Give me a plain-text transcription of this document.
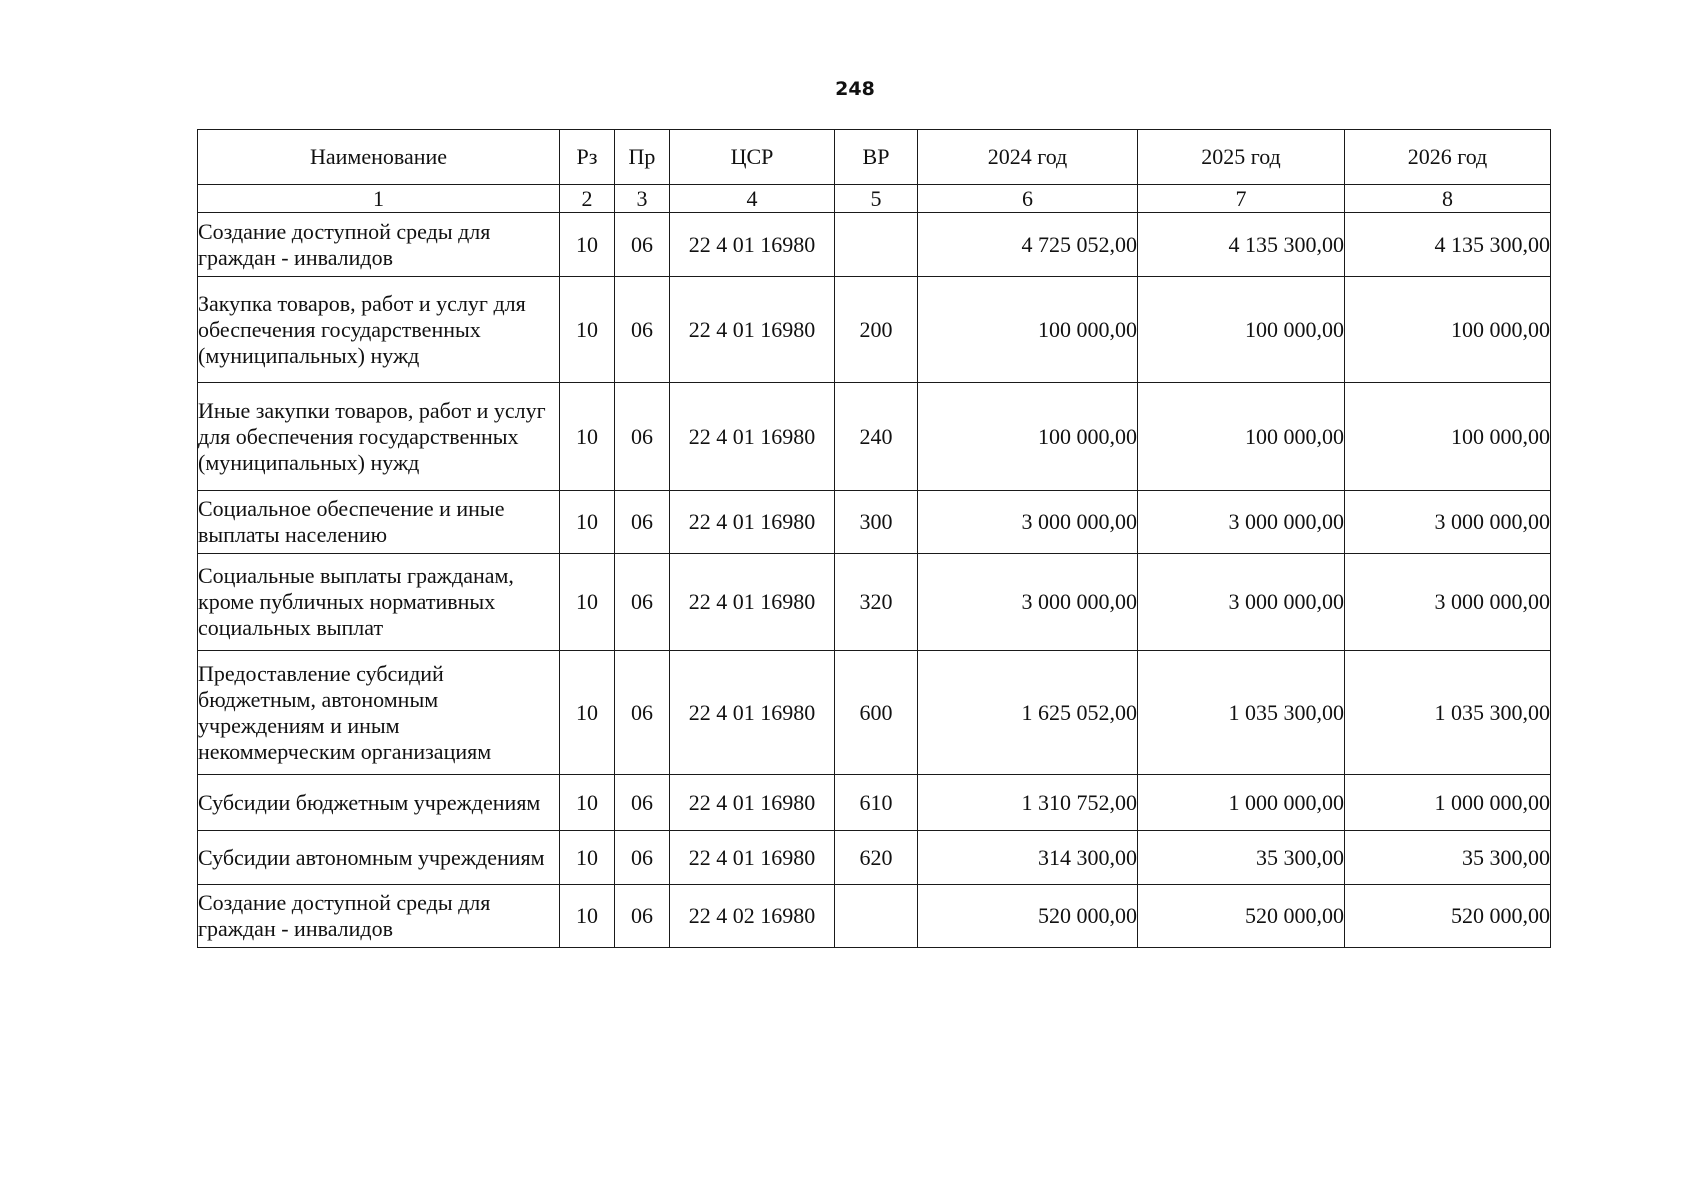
248
Наименование	Рз	Пр	ЦСР	ВР	2024 год	2025 год	2026 год
1	2	3	4	5	6	7	8
Создание доступной среды для граждан - инвалидов	10	06	22 4 01 16980		4 725 052,00	4 135 300,00	4 135 300,00
Закупка товаров, работ и услуг для обеспечения государственных (муниципальных) нужд	10	06	22 4 01 16980	200	100 000,00	100 000,00	100 000,00
Иные закупки товаров, работ и услуг для обеспечения государственных (муниципальных) нужд	10	06	22 4 01 16980	240	100 000,00	100 000,00	100 000,00
Социальное обеспечение и иные выплаты населению	10	06	22 4 01 16980	300	3 000 000,00	3 000 000,00	3 000 000,00
Социальные выплаты гражданам, кроме публичных нормативных социальных выплат	10	06	22 4 01 16980	320	3 000 000,00	3 000 000,00	3 000 000,00
Предоставление субсидий бюджетным, автономным учреждениям и иным некоммерческим организациям	10	06	22 4 01 16980	600	1 625 052,00	1 035 300,00	1 035 300,00
Субсидии бюджетным учреждениям	10	06	22 4 01 16980	610	1 310 752,00	1 000 000,00	1 000 000,00
Субсидии автономным учреждениям	10	06	22 4 01 16980	620	314 300,00	35 300,00	35 300,00
Создание доступной среды для граждан - инвалидов	10	06	22 4 02 16980		520 000,00	520 000,00	520 000,00
